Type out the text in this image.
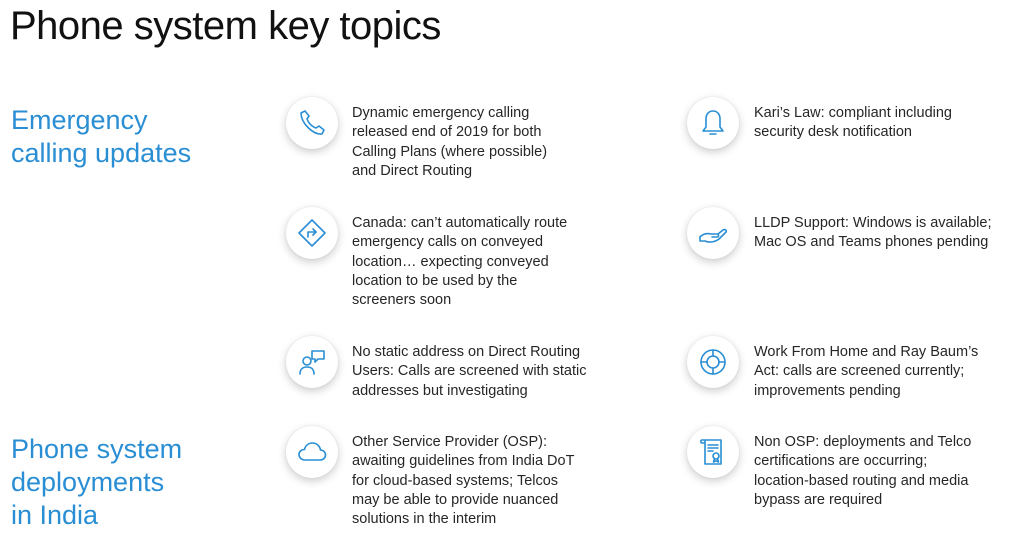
Phone system key topics
Emergency
calling updates
Phone system
deployments
in India
Dynamic emergency calling
released end of 2019 for both
Calling Plans (where possible)
and Direct Routing
Kari’s Law: compliant including
security desk notification
Canada: can’t automatically route
emergency calls on conveyed
location… expecting conveyed
location to be used by the
screeners soon
LLDP Support: Windows is available;
Mac OS and Teams phones pending
No static address on Direct Routing
Users: Calls are screened with static
addresses but investigating
Work From Home and Ray Baum’s
Act: calls are screened currently;
improvements pending
Other Service Provider (OSP):
awaiting guidelines from India DoT
for cloud-based systems; Telcos
may be able to provide nuanced
solutions in the interim
Non OSP: deployments and Telco
certifications are occurring;
location-based routing and media
bypass are required
